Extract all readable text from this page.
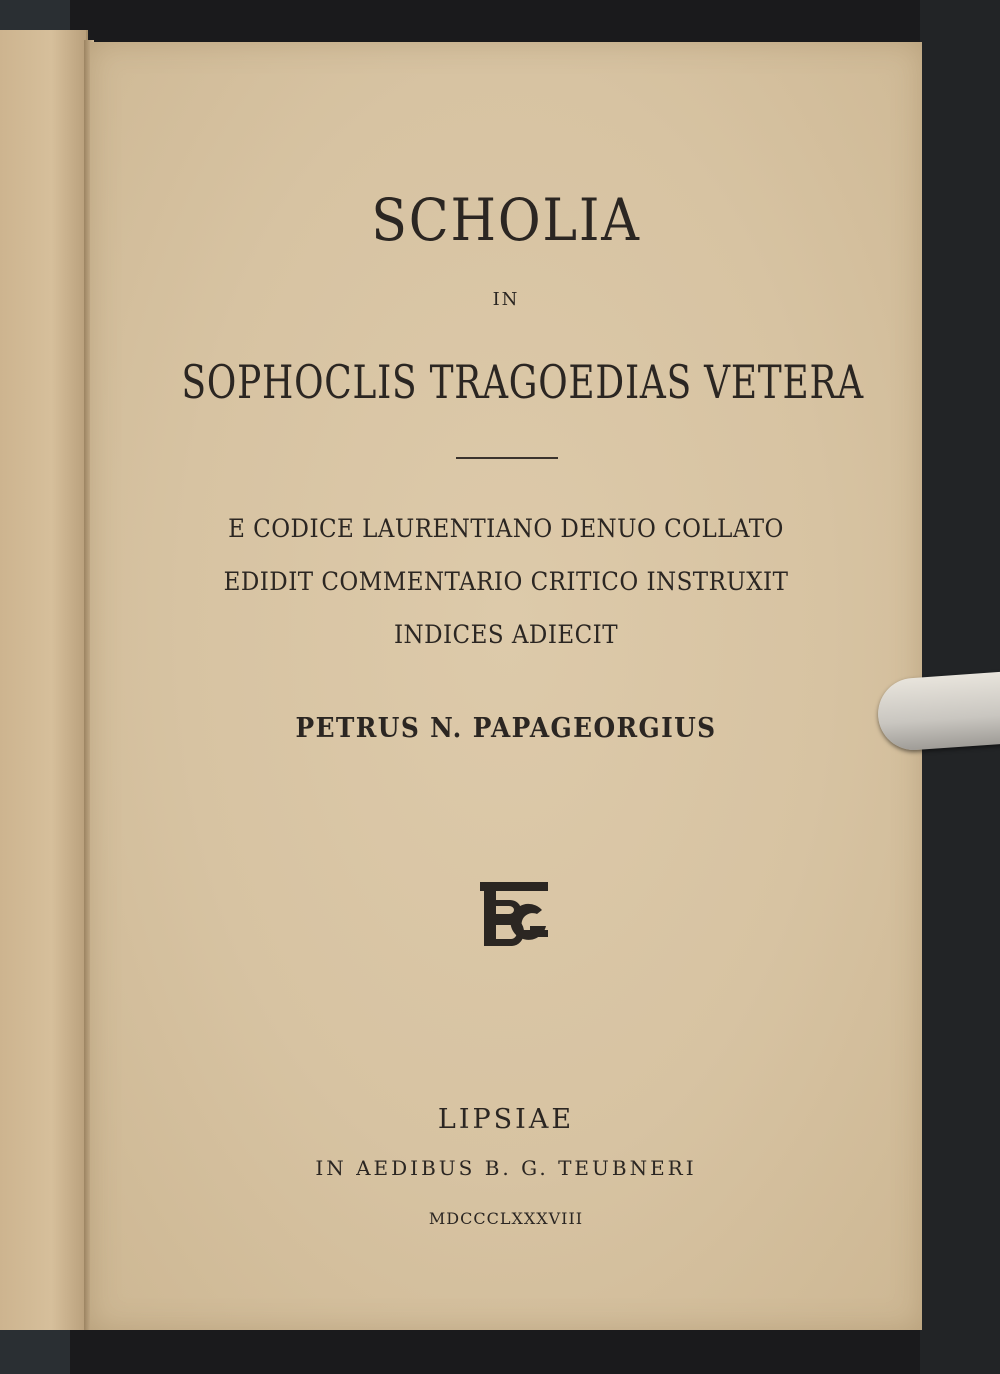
SCHOLIA

IN

SOPHOCLIS TRAGOEDIAS VETERA

E CODICE LAURENTIANO DENUO COLLATO

EDIDIT COMMENTARIO CRITICO INSTRUXIT

INDICES ADIECIT

PETRUS N. PAPAGEORGIUS

LIPSIAE

IN AEDIBUS B. G. TEUBNERI

MDCCCLXXXVIII
